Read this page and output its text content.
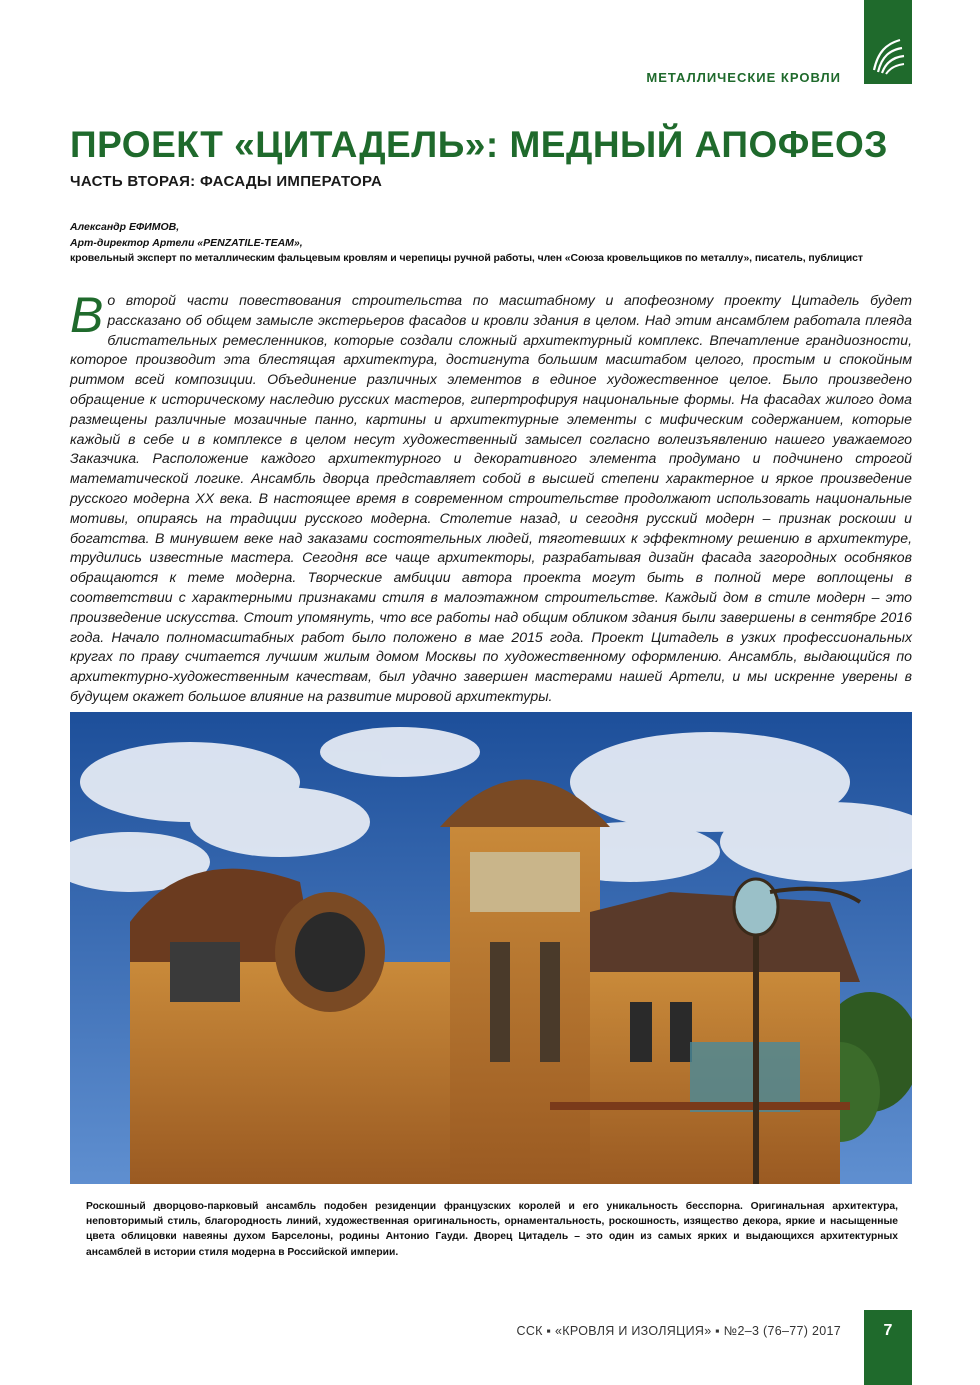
МЕТАЛЛИЧЕСКИЕ КРОВЛИ
ПРОЕКТ «ЦИТАДЕЛЬ»: МЕДНЫЙ АПОФЕОЗ
ЧАСТЬ ВТОРАЯ: ФАСАДЫ ИМПЕРАТОРА
Александр ЕФИМОВ,
Арт-директор Артели «PENZATILE-TEAM»,
кровельный эксперт по металлическим фальцевым кровлям и черепицы ручной работы, член «Союза кровельщиков по металлу», писатель, публицист
Во второй части повествования строительства по масштабному и апофеозному проекту Цитадель будет рассказано об общем замысле экстерьеров фасадов и кровли здания в целом. Над этим ансамблем работала плеяда блистательных ремесленников, которые создали сложный архитектурный комплекс. Впечатление грандиозности, которое производит эта блестящая архитектура, достигнута большим масштабом целого, простым и спокойным ритмом всей композиции. Объединение различных элементов в единое художественное целое. Было произведено обращение к историческому наследию русских мастеров, гипертрофируя национальные формы. На фасадах жилого дома размещены различные мозаичные панно, картины и архитектурные элементы с мифическим содержанием, которые каждый в себе и в комплексе в целом несут художественный замысел согласно волеизъявлению нашего уважаемого Заказчика. Расположение каждого архитектурного и декоративного элемента продумано и подчинено строгой математической логике. Ансамбль дворца представляет собой в высшей степени характерное и яркое произведение русского модерна XX века. В настоящее время в современном строительстве продолжают использовать национальные мотивы, опираясь на традиции русского модерна. Столетие назад, и сегодня русский модерн – признак роскоши и богатства. В минувшем веке над заказами состоятельных людей, тяготевших к эффектному решению в архитектуре, трудились известные мастера. Сегодня все чаще архитекторы, разрабатывая дизайн фасада загородных особняков обращаются к теме модерна. Творческие амбиции автора проекта могут быть в полной мере воплощены в соответствии с характерными признаками стиля в малоэтажном строительстве. Каждый дом в стиле модерн – это произведение искусства. Стоит упомянуть, что все работы над общим обликом здания были завершены в сентябре 2016 года. Начало полномасштабных работ было положено в мае 2015 года. Проект Цитадель в узких профессиональных кругах по праву считается лучшим жилым домом Москвы по художественному оформлению. Ансамбль, выдающийся по архитектурно-художественным качествам, был удачно завершен мастерами нашей Артели, и мы искренне уверены в будущем окажет большое влияние на развитие мировой архитектуры.
Роскошный дворцово-парковый ансамбль подобен резиденции французских королей и его уникальность бесспорна. Оригинальная архитектура, неповторимый стиль, благородность линий, художественная оригинальность, орнаментальность, роскошность, изящество декора, яркие и насыщенные цвета облицовки навеяны духом Барселоны, родины Антонио Гауди. Дворец Цитадель – это один из самых ярких и выдающихся архитектурных ансамблей в истории стиля модерна в Российской империи.
ССК ▪ «КРОВЛЯ И ИЗОЛЯЦИЯ» ▪ №2–3 (76–77) 2017	7
